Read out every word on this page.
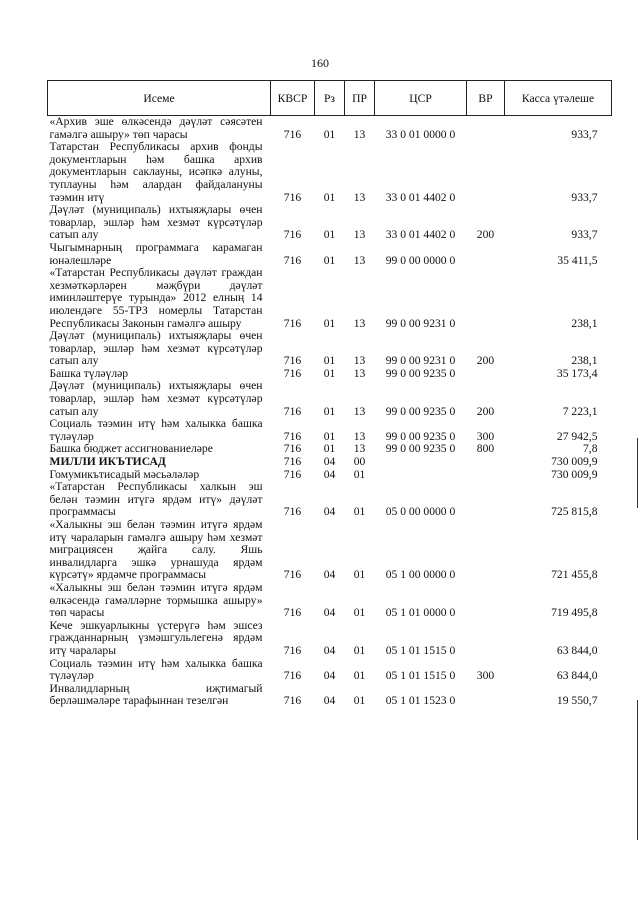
160
Исеме	КВСР	Рз	ПР	ЦСР	ВР	Касса үтәлеше
«Архив эше өлкәсендә дәүләт сәясәтен гамәлгә ашыру» төп чарасы	716	01	13	33 0 01 0000 0		933,7
Татарстан Республикасы архив фонды документларын һәм башка архив документларын саклауны, исәпкә алуны, туплауны һәм алардан файдалануны тәэмин итү	716	01	13	33 0 01 4402 0		933,7
Дәүләт (муниципаль) ихтыяҗлары өчен товарлар, эшләр һәм хезмәт күрсәтүләр сатып алу	716	01	13	33 0 01 4402 0	200	933,7
Чыгымнарның программага карамаган юнәлешләре	716	01	13	99 0 00 0000 0		35 411,5
«Татарстан Республикасы дәүләт граждан хезмәткәрләрен мәҗбүри дәүләт иминләштерүе турында» 2012 елның 14 июлендәге 55-ТРЗ номерлы Татарстан Республикасы Законын гамәлгә ашыру	716	01	13	99 0 00 9231 0		238,1
Дәүләт (муниципаль) ихтыяҗлары өчен товарлар, эшләр һәм хезмәт күрсәтүләр сатып алу	716	01	13	99 0 00 9231 0	200	238,1
Башка түләүләр	716	01	13	99 0 00 9235 0		35 173,4
Дәүләт (муниципаль) ихтыяҗлары өчен товарлар, эшләр һәм хезмәт күрсәтүләр сатып алу	716	01	13	99 0 00 9235 0	200	7 223,1
Социаль тәэмин итү һәм халыкка башка түләүләр	716	01	13	99 0 00 9235 0	300	27 942,5
Башка бюджет ассигнованиеләре	716	01	13	99 0 00 9235 0	800	7,8
МИЛЛИ ИКЪТИСАД	716	04	00			730 009,9
Гомумикътисадый мәсьәләләр	716	04	01			730 009,9
«Татарстан Республикасы халкын эш белән тәэмин итүгә ярдәм итү» дәүләт программасы	716	04	01	05 0 00 0000 0		725 815,8
«Халыкны эш белән тәэмин итүгә ярдәм итү чараларын гамәлгә ашыру һәм хезмәт миграциясен җайга салу. Яшь инвалидларга эшкә урнашуда ярдәм күрсәтү» ярдәмче программасы	716	04	01	05 1 00 0000 0		721 455,8
«Халыкны эш белән тәэмин итүгә ярдәм өлкәсендә гамәлләрне тормышка ашыру» төп чарасы	716	04	01	05 1 01 0000 0		719 495,8
Кече эшкуарлыкны үстерүгә һәм эшсез гражданнарның үзмәшгульлегенә ярдәм итү чаралары	716	04	01	05 1 01 1515 0		63 844,0
Социаль тәэмин итү һәм халыкка башка түләүләр	716	04	01	05 1 01 1515 0	300	63 844,0
Инвалидларның иҗтимагый берләшмәләре тарафыннан тезелгән	716	04	01	05 1 01 1523 0		19 550,7
